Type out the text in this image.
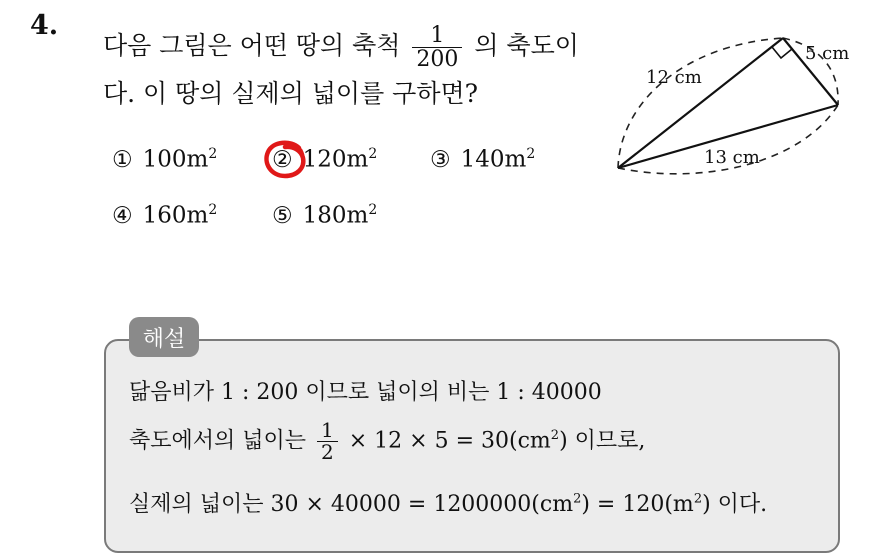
4.
다음 그림은 어떤 땅의 축척 $\frac{1}{200}$ 의 축도이
다. 이 땅의 실제의 넓이를 구하면?
① $100m^2$ ② $120m^2$ ③ $140m^2$
④ $160m^2$ ⑤ $180m^2$
12 cm
5 cm
13 cm
해설
닮음비가 1 : 200 이므로 넓이의 비는 1 : 40000
축도에서의 넓이는 $\frac{1}{2} \times 12 \times 5 = 30(cm^2)$ 이므로,
실제의 넓이는 $30 \times 40000 = 1200000(cm^2) = 120(m^2)$ 이다.
